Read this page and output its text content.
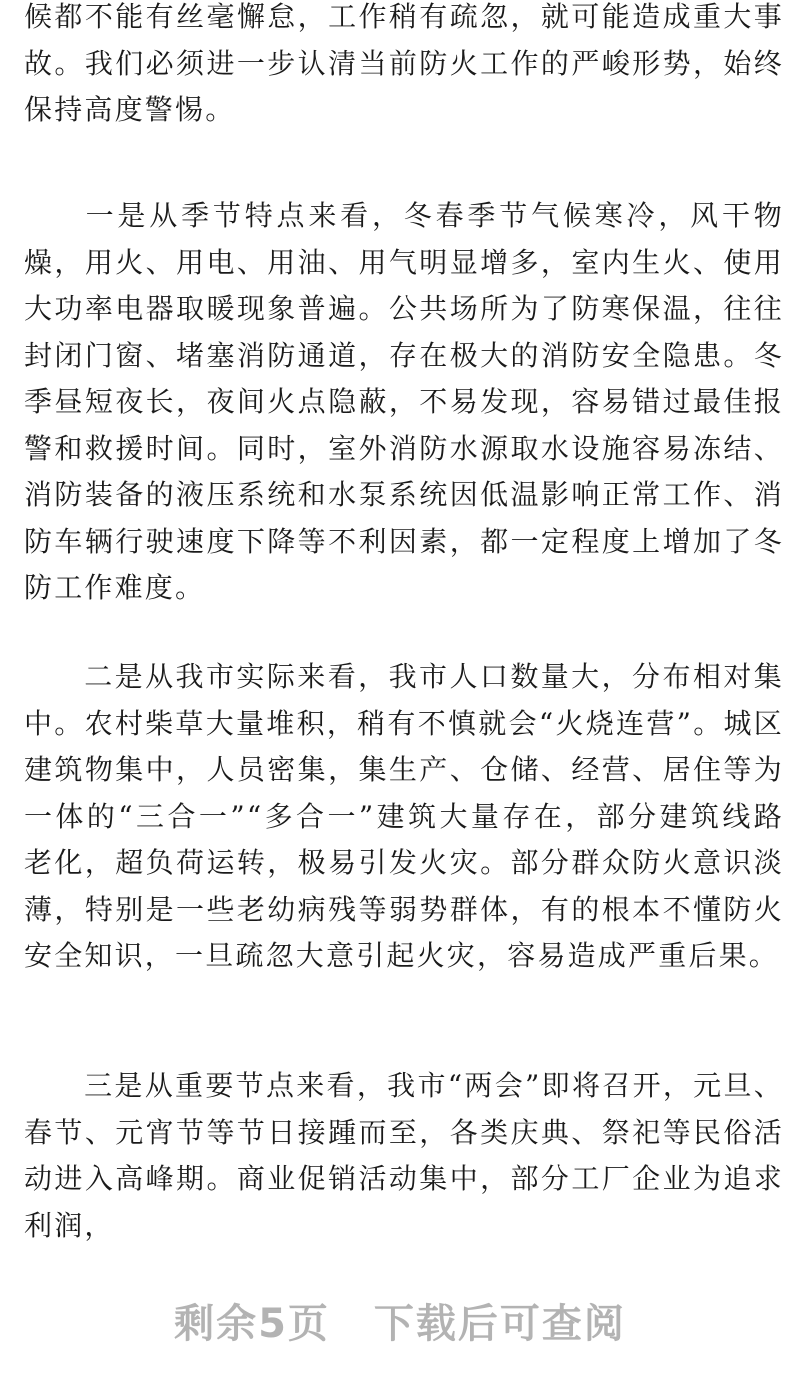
候都不能有丝毫懈怠，工作稍有疏忽，就可能造成重大事故。我们必须进一步认清当前防火工作的严峻形势，始终保持高度警惕。

一是从季节特点来看，冬春季节气候寒冷，风干物燥，用火、用电、用油、用气明显增多，室内生火、使用大功率电器取暖现象普遍。公共场所为了防寒保温，往往封闭门窗、堵塞消防通道，存在极大的消防安全隐患。冬季昼短夜长，夜间火点隐蔽，不易发现，容易错过最佳报警和救援时间。同时，室外消防水源取水设施容易冻结、消防装备的液压系统和水泵系统因低温影响正常工作、消防车辆行驶速度下降等不利因素，都一定程度上增加了冬防工作难度。

二是从我市实际来看，我市人口数量大，分布相对集中。农村柴草大量堆积，稍有不慎就会“火烧连营”。城区建筑物集中，人员密集，集生产、仓储、经营、居住等为一体的“三合一”“多合一”建筑大量存在，部分建筑线路老化，超负荷运转，极易引发火灾。部分群众防火意识淡薄，特别是一些老幼病残等弱势群体，有的根本不懂防火安全知识，一旦疏忽大意引起火灾，容易造成严重后果。

三是从重要节点来看，我市“两会”即将召开，元旦、春节、元宵节等节日接踵而至，各类庆典、祭祀等民俗活动进入高峰期。商业促销活动集中，部分工厂企业为追求利润，

剩余5页 下载后可查阅
